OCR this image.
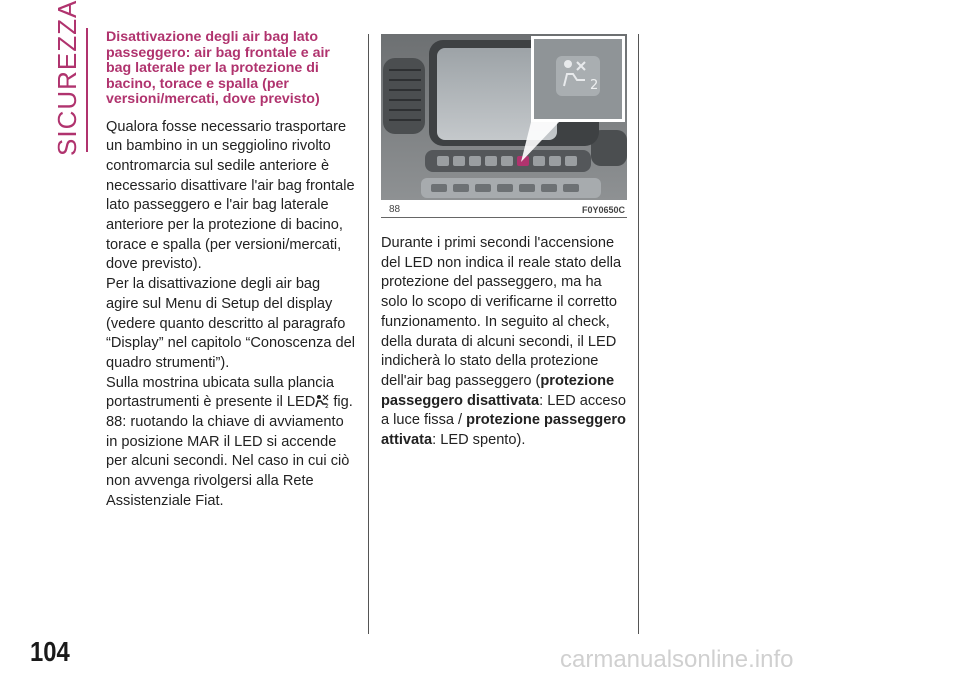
SICUREZZA Disattivazione degli air bag lato passeggero: air bag frontale e air bag laterale per la protezione di bacino, torace e spalla (per versioni/mercati, dove previsto)

Qualora fosse necessario trasportare un bambino in un seggiolino rivolto contromarcia sul sedile anteriore è necessario disattivare l'air bag frontale lato passeggero e l'air bag laterale anteriore per la protezione di bacino, torace e spalla (per versioni/mercati, dove previsto).

Per la disattivazione degli air bag agire sul Menu di Setup del display (vedere quanto descritto al paragrafo “Display” nel capitolo “Conoscenza del quadro strumenti”).

Sulla mostrina ubicata sulla plancia portastrumenti è presente il LED 2 fig. 88: ruotando la chiave di avviamento in posizione MAR il LED si accende per alcuni secondi. Nel caso in cui ciò non avvenga rivolgersi alla Rete Assistenziale Fiat.

2
88	F0Y0650C

Durante i primi secondi l'accensione del LED non indica il reale stato della protezione del passeggero, ma ha solo lo scopo di verificarne il corretto funzionamento. In seguito al check, della durata di alcuni secondi, il LED indicherà lo stato della protezione dell'air bag passeggero (protezione passeggero disattivata: LED acceso a luce fissa / protezione passeggero attivata: LED spento).

104	carmanualsonline.info
